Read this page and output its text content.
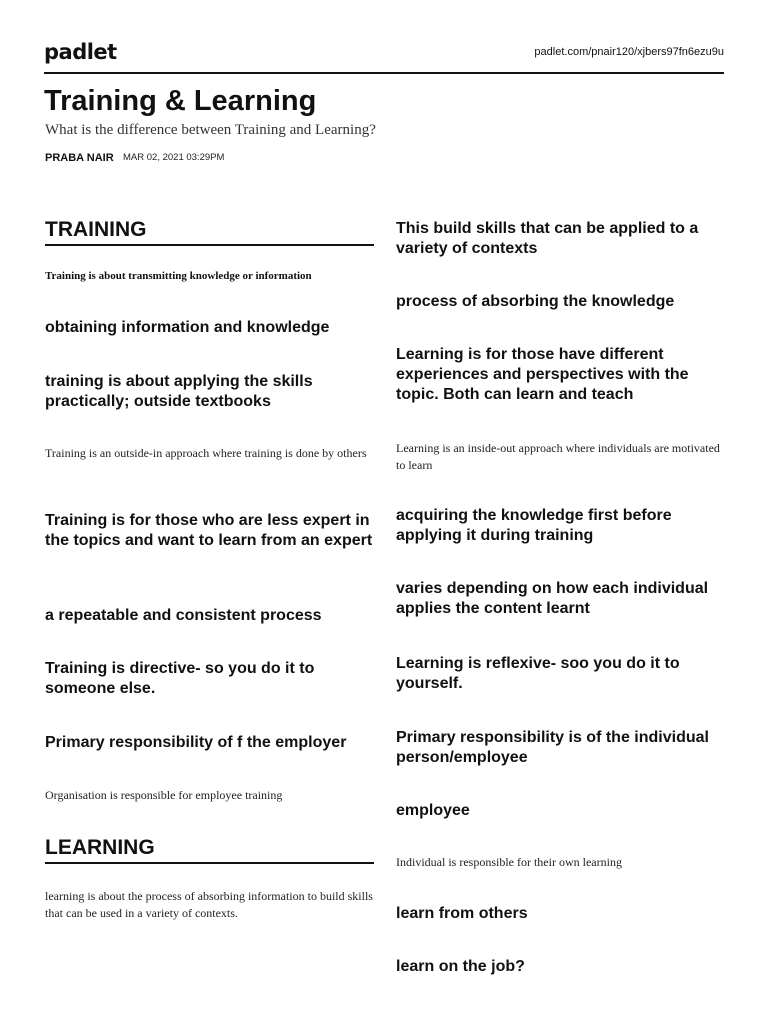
padlet	padlet.com/pnair120/xjbers97fn6ezu9u
Training & Learning
What is the difference between Training and Learning?
PRABA NAIR MAR 02, 2021 03:29PM
TRAINING
Training is about transmitting knowledge or information
obtaining information and knowledge
training is about applying the skills practically; outside textbooks
Training is an outside-in approach where training is done by others
Training is for those who are less expert in the topics and want to learn from an expert
a repeatable and consistent process
Training is directive- so you do it to someone else.
Primary responsibility of f the employer
Organisation is responsible for employee training
LEARNING
learning is about the process of absorbing information to build skills that can be used in a variety of contexts.
This build skills that can be applied to a variety of contexts
process of absorbing the knowledge
Learning is for those have different experiences and perspectives with the topic. Both can learn and teach
Learning is an inside-out approach where individuals are motivated to learn
acquiring the knowledge first before applying it during training
varies depending on how each individual applies the content learnt
Learning is reflexive- soo you do it to yourself.
Primary responsibility is of the individual person/employee
employee
Individual is responsible for their own learning
learn from others
learn on the job?
